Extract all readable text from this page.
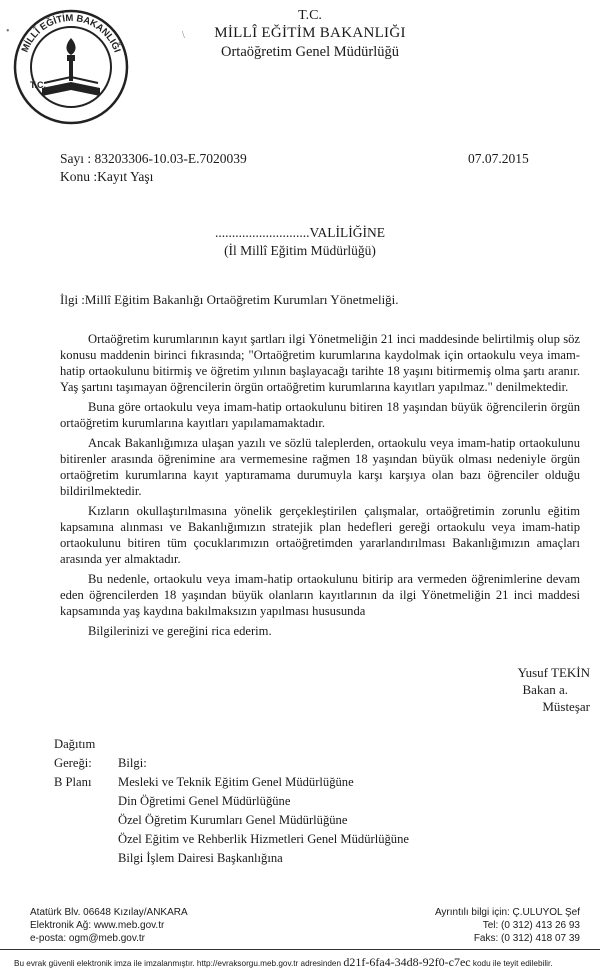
MİLLÎ EĞİTİM BAKANLIĞI
T.C.
T.C.
MİLLÎ EĞİTİM BAKANLIĞI
Ortaöğretim Genel Müdürlüğü
•	\
Sayı : 83203306-10.03-E.7020039	07.07.2015
Konu :Kayıt Yaşı
............................VALİLİĞİNE
(İl Millî Eğitim Müdürlüğü)
İlgi :Millî Eğitim Bakanlığı Ortaöğretim Kurumları Yönetmeliği.

Ortaöğretim kurumlarının kayıt şartları ilgi Yönetmeliğin 21 inci maddesinde belirtilmiş olup söz konusu maddenin birinci fıkrasında; "Ortaöğretim kurumlarına kaydolmak için ortaokulu veya imam-hatip ortaokulunu bitirmiş ve öğretim yılının başlayacağı tarihte 18 yaşını bitirmemiş olma şartı aranır. Yaş şartını taşımayan öğrencilerin örgün ortaöğretim kurumlarına kayıtları yapılmaz." denilmektedir.

Buna göre ortaokulu veya imam-hatip ortaokulunu bitiren 18 yaşından büyük öğrencilerin örgün ortaöğretim kurumlarına kayıtları yapılamamaktadır.

Ancak Bakanlığımıza ulaşan yazılı ve sözlü taleplerden, ortaokulu veya imam-hatip ortaokulunu bitirenler arasında öğrenimine ara vermemesine rağmen 18 yaşından büyük olması nedeniyle örgün ortaöğretim kurumlarına kayıt yaptıramama durumuyla karşı karşıya olan bazı öğrenciler olduğu bildirilmektedir.

Kızların okullaştırılmasına yönelik gerçekleştirilen çalışmalar, ortaöğretimin zorunlu eğitim kapsamına alınması ve Bakanlığımızın stratejik plan hedefleri gereği ortaokulu veya imam-hatip ortaokulunu bitiren tüm çocuklarımızın ortaöğretimden yararlandırılması Bakanlığımızın amaçları arasında yer almaktadır.

Bu nedenle, ortaokulu veya imam-hatip ortaokulunu bitirip ara vermeden öğrenimlerine devam eden öğrencilerden 18 yaşından büyük olanların kayıtlarının da ilgi Yönetmeliğin 21 inci maddesi kapsamında yaş kaydına bakılmaksızın yapılması hususunda

Bilgilerinizi ve gereğini rica ederim.

Yusuf TEKİN
Bakan a.
Müsteşar
Dağıtım
Gereği:
B Planı
Bilgi:
Mesleki ve Teknik Eğitim Genel Müdürlüğüne
Din Öğretimi Genel Müdürlüğüne
Özel Öğretim Kurumları Genel Müdürlüğüne
Özel Eğitim ve Rehberlik Hizmetleri Genel Müdürlüğüne
Bilgi İşlem Dairesi Başkanlığına
Atatürk Blv. 06648 Kızılay/ANKARA
Elektronik Ağ: www.meb.gov.tr
e-posta: ogm@meb.gov.tr
Ayrıntılı bilgi için: Ç.ULUYOL Şef
Tel: (0 312) 413 26 93
Faks: (0 312) 418 07 39
Bu evrak güvenli elektronik imza ile imzalanmıştır. http://evraksorgu.meb.gov.tr adresinden d21f-6fa4-34d8-92f0-c7ec kodu ile teyit edilebilir.
